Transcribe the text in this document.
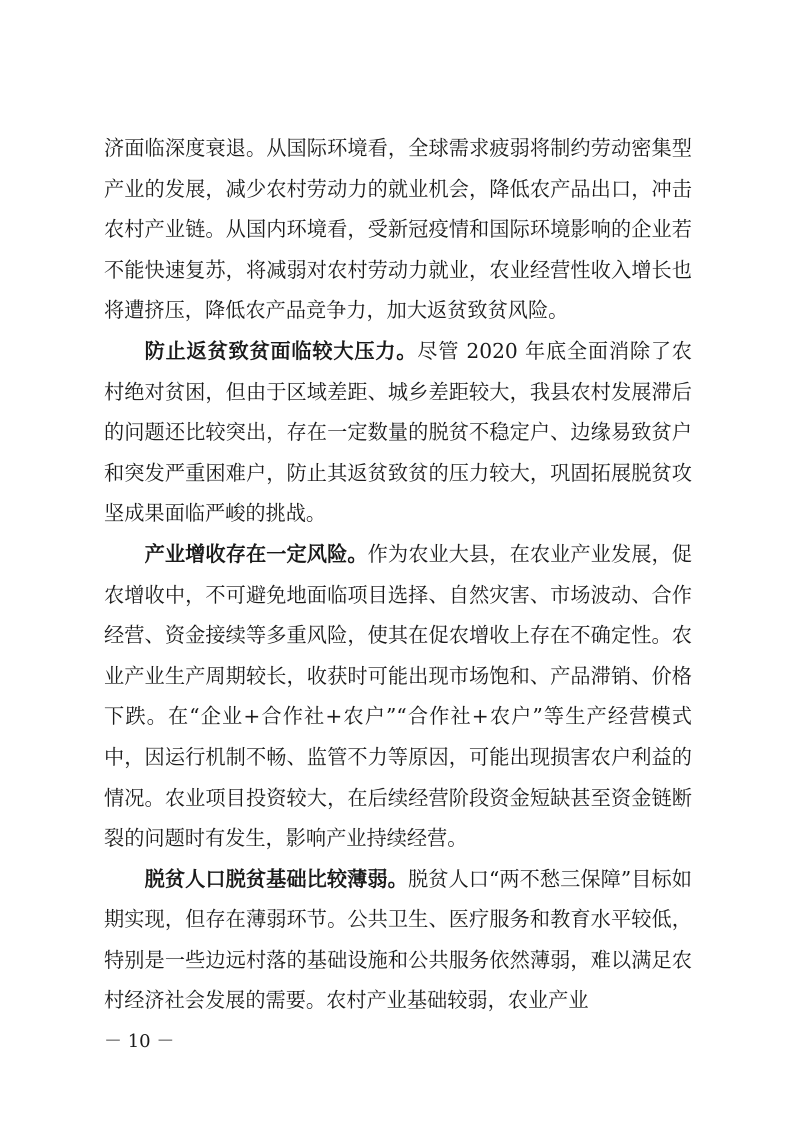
济面临深度衰退。从国际环境看，全球需求疲弱将制约劳动密集型产业的发展，减少农村劳动力的就业机会，降低农产品出口，冲击农村产业链。从国内环境看，受新冠疫情和国际环境影响的企业若不能快速复苏，将减弱对农村劳动力就业，农业经营性收入增长也将遭挤压，降低农产品竞争力，加大返贫致贫风险。

防止返贫致贫面临较大压力。尽管 2020 年底全面消除了农村绝对贫困，但由于区域差距、城乡差距较大，我县农村发展滞后的问题还比较突出，存在一定数量的脱贫不稳定户、边缘易致贫户和突发严重困难户，防止其返贫致贫的压力较大，巩固拓展脱贫攻坚成果面临严峻的挑战。

产业增收存在一定风险。作为农业大县，在农业产业发展，促农增收中，不可避免地面临项目选择、自然灾害、市场波动、合作经营、资金接续等多重风险，使其在促农增收上存在不确定性。农业产业生产周期较长，收获时可能出现市场饱和、产品滞销、价格下跌。在“企业+合作社+农户”“合作社+农户”等生产经营模式中，因运行机制不畅、监管不力等原因，可能出现损害农户利益的情况。农业项目投资较大，在后续经营阶段资金短缺甚至资金链断裂的问题时有发生，影响产业持续经营。

脱贫人口脱贫基础比较薄弱。脱贫人口“两不愁三保障”目标如期实现，但存在薄弱环节。公共卫生、医疗服务和教育水平较低，特别是一些边远村落的基础设施和公共服务依然薄弱，难以满足农村经济社会发展的需要。农村产业基础较弱，农业产业

－ 10 －
